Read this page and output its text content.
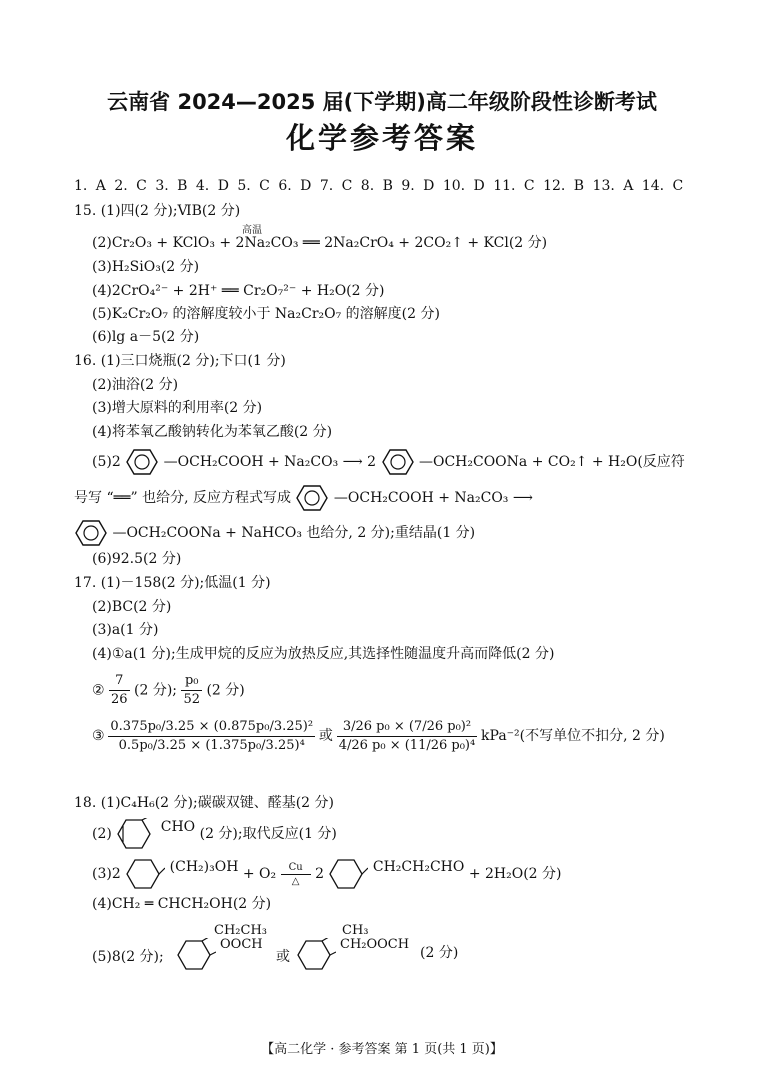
云南省 2024—2025 届(下学期)高二年级阶段性诊断考试
化学参考答案
1. A 2. C 3. B 4. D 5. C 6. D 7. C 8. B 9. D 10. D 11. C 12. B 13. A 14. C
15. (1)四(2 分);ⅥB(2 分)
(2)Cr₂O₃ + KClO₃ + 2Na₂CO₃ ══ 2Na₂CrO₄ + 2CO₂↑ + KCl(2 分)
高温
(3)H₂SiO₃(2 分)
(4)2CrO₄²⁻ + 2H⁺ ══ Cr₂O₇²⁻ + H₂O(2 分)
(5)K₂Cr₂O₇ 的溶解度较小于 Na₂Cr₂O₇ 的溶解度(2 分)
(6)lg a－5(2 分)
16. (1)三口烧瓶(2 分);下口(1 分)
(2)油浴(2 分)
(3)增大原料的利用率(2 分)
(4)将苯氧乙酸钠转化为苯氧乙酸(2 分)
(5)2	—OCH₂COOH + Na₂CO₃ ⟶ 2	—OCH₂COONa + CO₂↑ + H₂O(反应符
号写 “══” 也给分, 反应方程式写成	—OCH₂COOH + Na₂CO₃ ⟶
—OCH₂COONa + NaHCO₃ 也给分, 2 分);重结晶(1 分)
(6)92.5(2 分)
17. (1)－158(2 分);低温(1 分)
(2)BC(2 分)
(3)a(1 分)
(4)①a(1 分);生成甲烷的反应为放热反应,其选择性随温度升高而降低(2 分)
② $\frac{7}{26} (2$ 分); $\frac{\text{p₀}}{52} (2$ 分)
③ $\frac{\text{0.375p₀/3.25 × (0.875p₀/3.25)²}}{\text{0.5p₀/3.25 × (1.375p₀/3.25)⁴}}$ 或 $\frac{\text{3/26 p₀ × (7/26 p₀)²}}{\text{4/26 p₀ × (11/26 p₀)⁴}} kPa^{-2}$(不写单位不扣分, 2 分)
18. (1)C₄H₆(2 分);碳碳双键、醛基(2 分)
(2)	CHO (2 分);取代反应(1 分)
(3)2	(CH₂)₃OH + O₂	Cu
△	2	CH₂CH₂CHO + 2H₂O(2 分)
(4)CH₂ ═ CHCH₂OH(2 分)
(5)8(2 分);
CH₂CH₃
OOCH
或
CH₃
CH₂OOCH
(2 分)
【高二化学 · 参考答案 第 1 页(共 1 页)】
